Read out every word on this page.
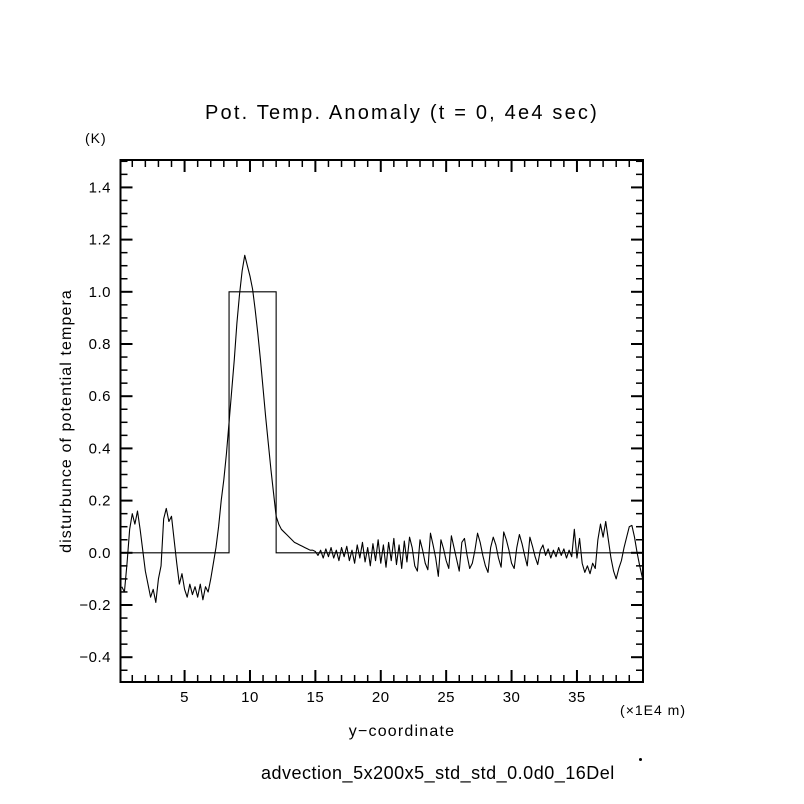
Pot. Temp. Anomaly (t = 0, 4e4 sec)
(K)
disturbunce of potential tempera
5	10	15	20	25	30	35
−0.4
−0.2
0.0
0.2
0.4
0.6
0.8
1.0
1.2
1.4
(×1E4 m)
y−coordinate
advection_5x200x5_std_std_0.0d0_16Del
